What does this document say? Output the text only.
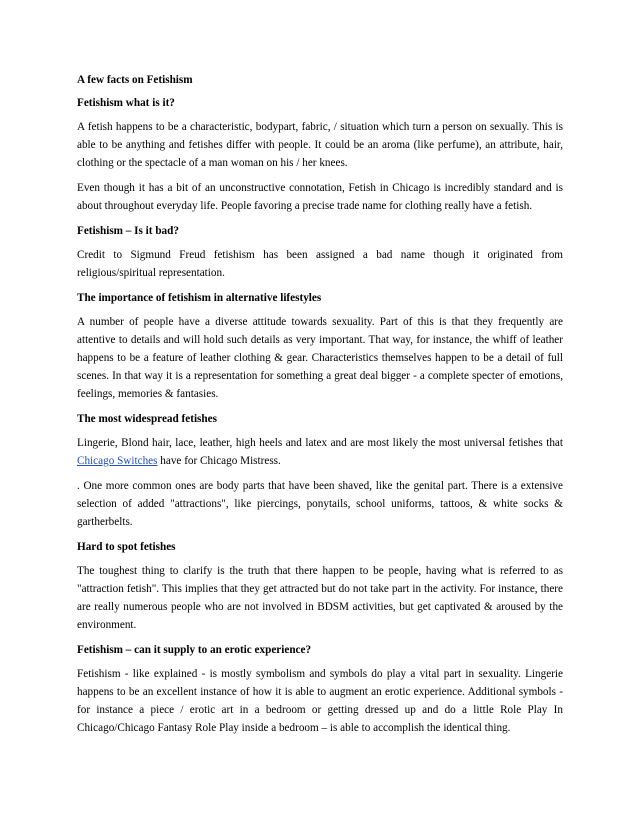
A few facts on Fetishism
Fetishism what is it?

A fetish happens to be a characteristic, bodypart, fabric, / situation which turn a person on sexually. This is able to be anything and fetishes differ with people. It could be an aroma (like perfume), an attribute, hair, clothing or the spectacle of a man woman on his / her knees.

Even though it has a bit of an unconstructive connotation, Fetish in Chicago is incredibly standard and is about throughout everyday life. People favoring a precise trade name for clothing really have a fetish.

Fetishism – Is it bad?

Credit to Sigmund Freud fetishism has been assigned a bad name though it originated from religious/spiritual representation.

The importance of fetishism in alternative lifestyles

A number of people have a diverse attitude towards sexuality. Part of this is that they frequently are attentive to details and will hold such details as very important. That way, for instance, the whiff of leather happens to be a feature of leather clothing & gear. Characteristics themselves happen to be a detail of full scenes. In that way it is a representation for something a great deal bigger - a complete specter of emotions, feelings, memories & fantasies.

The most widespread fetishes

Lingerie, Blond hair, lace, leather, high heels and latex and are most likely the most universal fetishes that Chicago Switches have for Chicago Mistress.

. One more common ones are body parts that have been shaved, like the genital part. There is a extensive selection of added "attractions", like piercings, ponytails, school uniforms, tattoos, & white socks & gartherbelts.

Hard to spot fetishes

The toughest thing to clarify is the truth that there happen to be people, having what is referred to as "attraction fetish". This implies that they get attracted but do not take part in the activity. For instance, there are really numerous people who are not involved in BDSM activities, but get captivated & aroused by the environment.

Fetishism – can it supply to an erotic experience?

Fetishism - like explained - is mostly symbolism and symbols do play a vital part in sexuality. Lingerie happens to be an excellent instance of how it is able to augment an erotic experience. Additional symbols - for instance a piece / erotic art in a bedroom or getting dressed up and do a little Role Play In Chicago/Chicago Fantasy Role Play inside a bedroom – is able to accomplish the identical thing.
